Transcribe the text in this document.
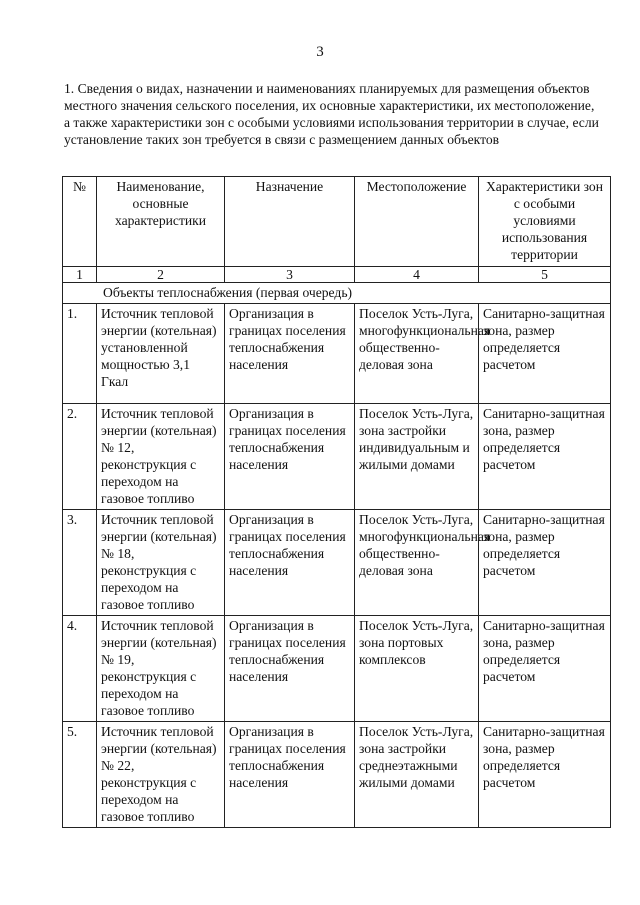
3
1. Сведения о видах, назначении и наименованиях планируемых для размещения объектов местного значения сельского поселения, их основные характеристики, их местоположение, а также характеристики зон с особыми условиями использования территории в случае, если установление таких зон требуется в связи с размещением данных объектов
№	Наименование, основные характеристики	Назначение	Местоположение	Характеристики зон с особыми условиями использования территории
1	2	3	4	5
Объекты теплоснабжения (первая очередь)				
1.	Источник тепловой энергии (котельная) установленной мощностью 3,1 Гкал	Организация в границах поселения теплоснабжения населения	Поселок Усть-Луга, многофункциональная общественно-деловая зона	Санитарно-защитная зона, размер определяется расчетом
2.	Источник тепловой энергии (котельная) № 12, реконструкция с переходом на газовое топливо	Организация в границах поселения теплоснабжения населения	Поселок Усть-Луга, зона застройки индивидуальным и жилыми домами	Санитарно-защитная зона, размер определяется расчетом
3.	Источник тепловой энергии (котельная) № 18, реконструкция с переходом на газовое топливо	Организация в границах поселения теплоснабжения населения	Поселок Усть-Луга, многофункциональная общественно-деловая зона	Санитарно-защитная зона, размер определяется расчетом
4.	Источник тепловой энергии (котельная) № 19, реконструкция с переходом на газовое топливо	Организация в границах поселения теплоснабжения населения	Поселок Усть-Луга, зона портовых комплексов	Санитарно-защитная зона, размер определяется расчетом
5.	Источник тепловой энергии (котельная) № 22, реконструкция с переходом на газовое топливо	Организация в границах поселения теплоснабжения населения	Поселок Усть-Луга, зона застройки среднеэтажными жилыми домами	Санитарно-защитная зона, размер определяется расчетом
